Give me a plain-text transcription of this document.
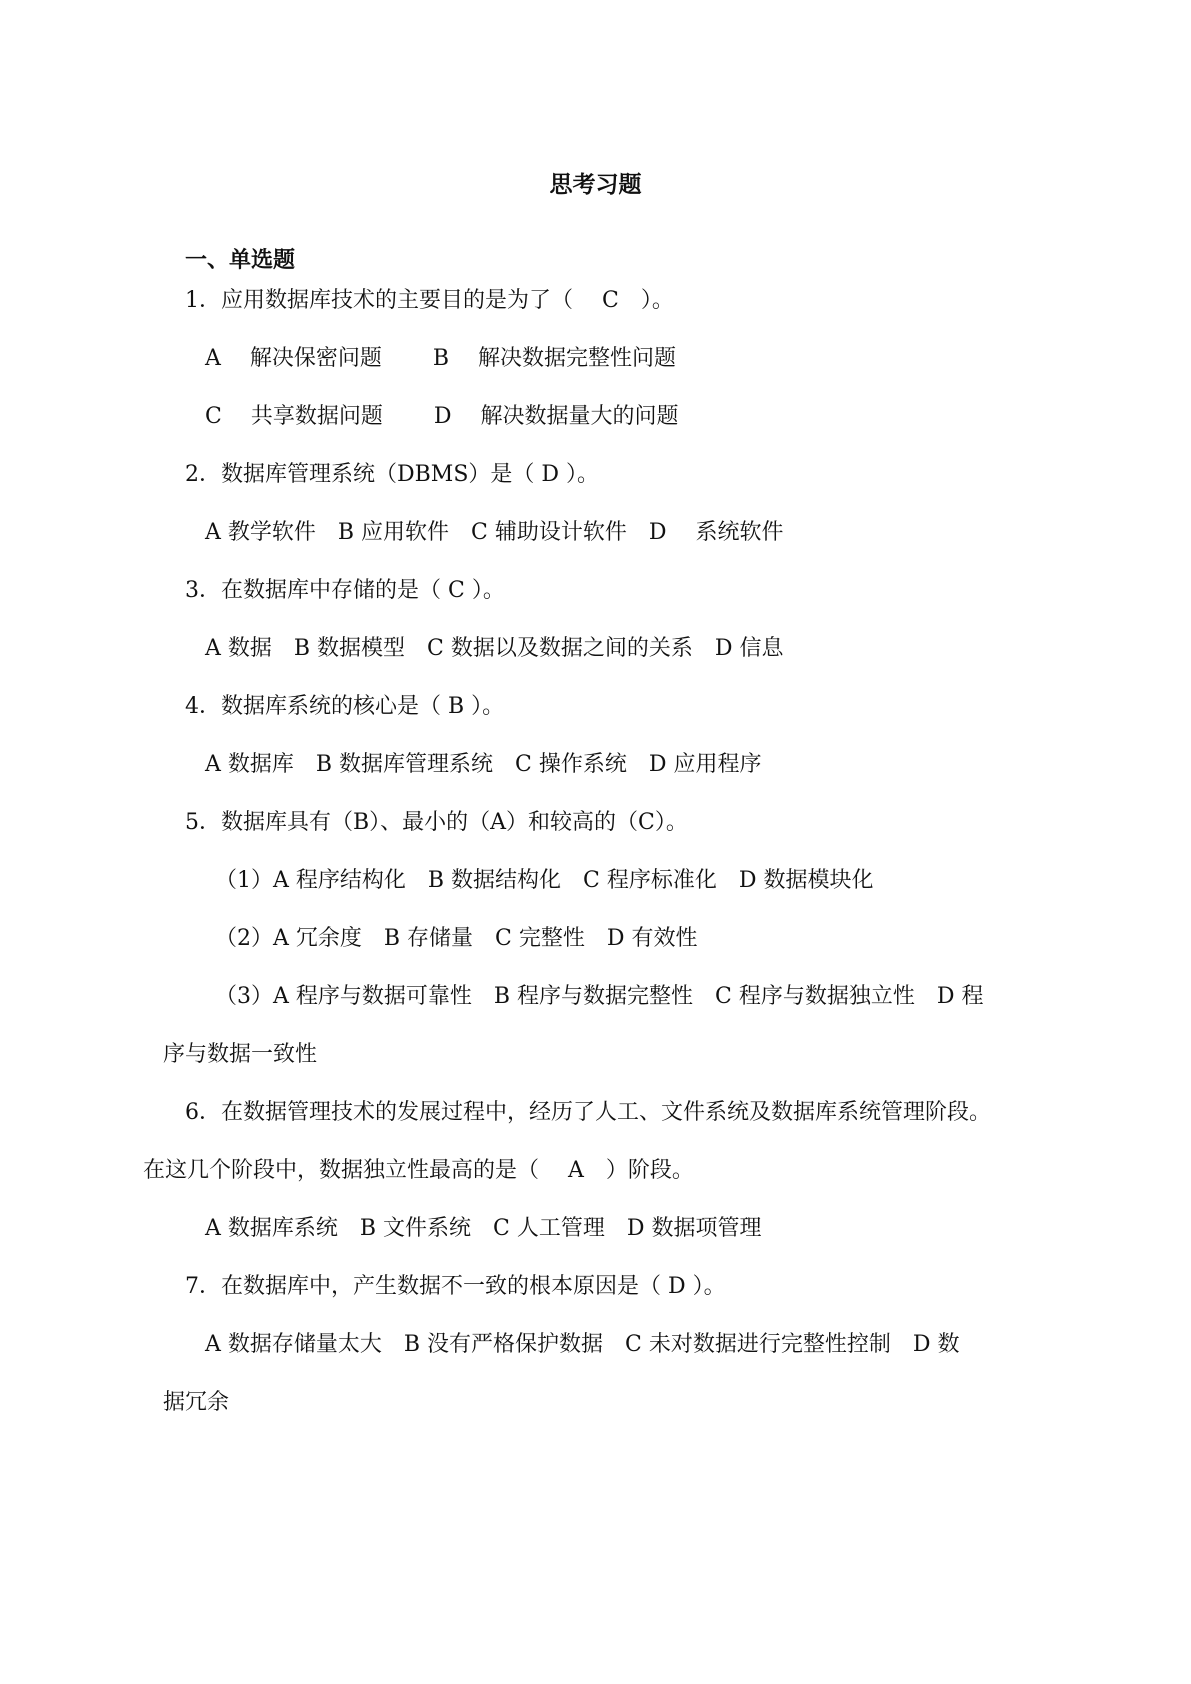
思考习题
一、单选题
1．应用数据库技术的主要目的是为了（　 C　）。
A　 解决保密问题　　 B　 解决数据完整性问题
C　 共享数据问题　　 D　 解决数据量大的问题
2．数据库管理系统（DBMS）是（ D ）。
A 教学软件　B 应用软件　C 辅助设计软件　D　 系统软件
3．在数据库中存储的是（ C ）。
A 数据　B 数据模型　C 数据以及数据之间的关系　D 信息
4．数据库系统的核心是（ B ）。
A 数据库　B 数据库管理系统　C 操作系统　D 应用程序
5．数据库具有（B）、最小的（A）和较高的（C）。
（1）A 程序结构化　B 数据结构化　C 程序标准化　D 数据模块化
（2）A 冗余度　B 存储量　C 完整性　D 有效性
（3）A 程序与数据可靠性　B 程序与数据完整性　C 程序与数据独立性　D 程
序与数据一致性
6．在数据管理技术的发展过程中，经历了人工、文件系统及数据库系统管理阶段。
在这几个阶段中，数据独立性最高的是（　 A　）阶段。
A 数据库系统　B 文件系统　C 人工管理　D 数据项管理
7．在数据库中，产生数据不一致的根本原因是（ D ）。
A 数据存储量太大　B 没有严格保护数据　C 未对数据进行完整性控制　D 数
据冗余
